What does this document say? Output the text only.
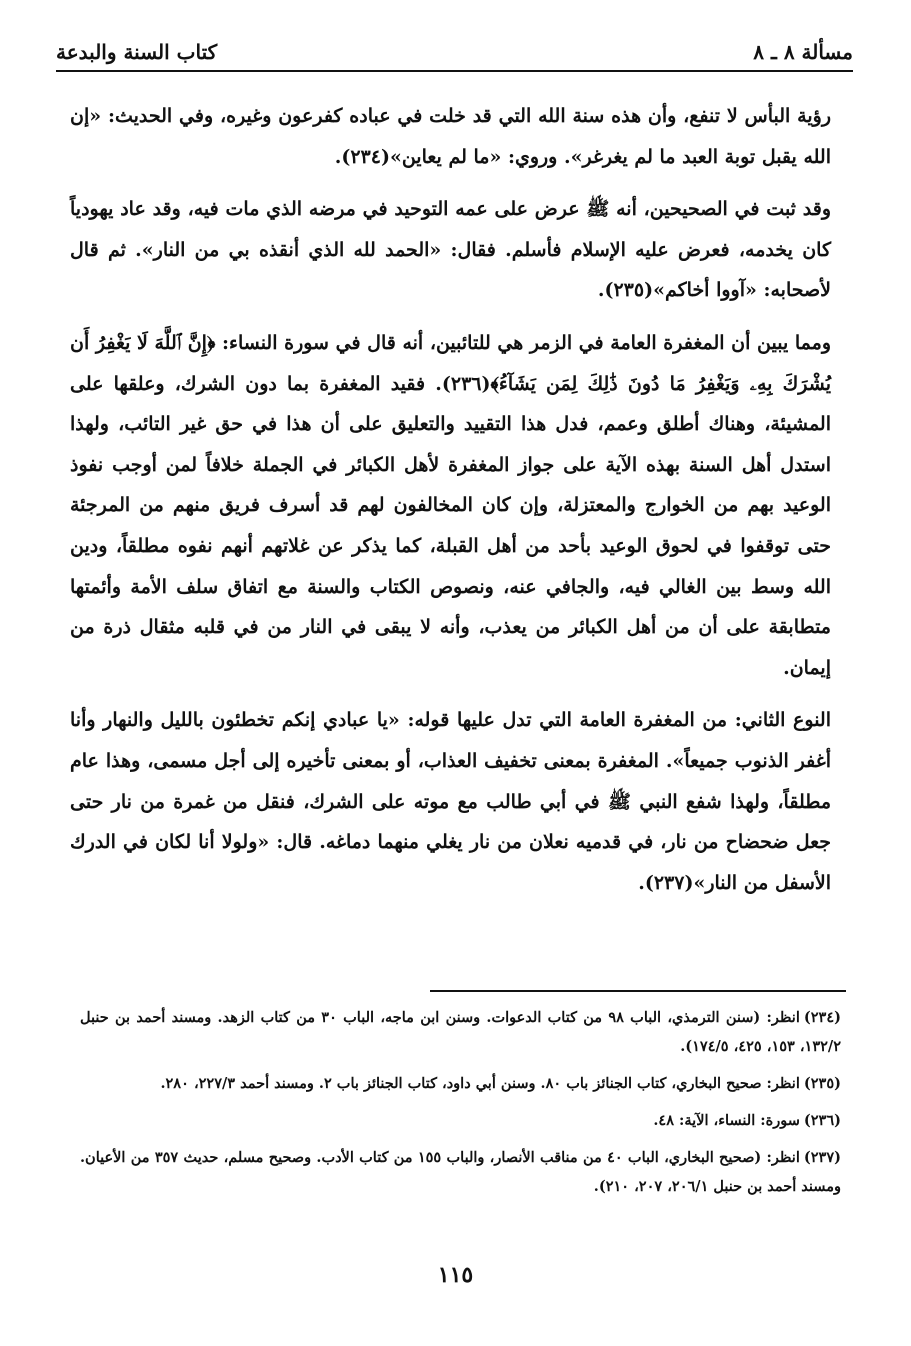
مسألة ٨ ـ ٨
كتاب السنة والبدعة

رؤية البأس لا تنفع، وأن هذه سنة الله التي قد خلت في عباده كفرعون وغيره، وفي الحديث: «إن الله يقبل توبة العبد ما لم يغرغر». وروي: «ما لم يعاين»(٢٣٤).

وقد ثبت في الصحيحين، أنه ﷺ عرض على عمه التوحيد في مرضه الذي مات فيه، وقد عاد يهودياً كان يخدمه، فعرض عليه الإسلام فأسلم. فقال: «الحمد لله الذي أنقذه بي من النار». ثم قال لأصحابه: «آووا أخاكم»(٢٣٥).

ومما يبين أن المغفرة العامة في الزمر هي للتائبين، أنه قال في سورة النساء: ﴿إِنَّ ٱللَّهَ لَا يَغْفِرُ أَن يُشْرَكَ بِهِۦ وَيَغْفِرُ مَا دُونَ ذَٰلِكَ لِمَن يَشَآءُ﴾(٢٣٦). فقيد المغفرة بما دون الشرك، وعلقها على المشيئة، وهناك أطلق وعمم، فدل هذا التقييد والتعليق على أن هذا في حق غير التائب، ولهذا استدل أهل السنة بهذه الآية على جواز المغفرة لأهل الكبائر في الجملة خلافاً لمن أوجب نفوذ الوعيد بهم من الخوارج والمعتزلة، وإن كان المخالفون لهم قد أسرف فريق منهم من المرجئة حتى توقفوا في لحوق الوعيد بأحد من أهل القبلة، كما يذكر عن غلاتهم أنهم نفوه مطلقاً، ودين الله وسط بين الغالي فيه، والجافي عنه، ونصوص الكتاب والسنة مع اتفاق سلف الأمة وأئمتها متطابقة على أن من أهل الكبائر من يعذب، وأنه لا يبقى في النار من في قلبه مثقال ذرة من إيمان.

النوع الثاني: من المغفرة العامة التي تدل عليها قوله: «يا عبادي إنكم تخطئون بالليل والنهار وأنا أغفر الذنوب جميعاً». المغفرة بمعنى تخفيف العذاب، أو بمعنى تأخيره إلى أجل مسمى، وهذا عام مطلقاً، ولهذا شفع النبي ﷺ في أبي طالب مع موته على الشرك، فنقل من غمرة من نار حتى جعل ضحضاح من نار، في قدميه نعلان من نار يغلي منهما دماغه. قال: «ولولا أنا لكان في الدرك الأسفل من النار»(٢٣٧).

(٢٣٤)انظر: (سنن الترمذي، الباب ٩٨ من كتاب الدعوات. وسنن ابن ماجه، الباب ٣٠ من كتاب الزهد. ومسند أحمد بن حنبل ١٣٢/٢، ١٥٣، ٤٢٥، ١٧٤/٥).

(٢٣٥)انظر: صحيح البخاري، كتاب الجنائز باب ٨٠. وسنن أبي داود، كتاب الجنائز باب ٢. ومسند أحمد ٢٢٧/٣، ٢٨٠.

(٢٣٦)سورة: النساء، الآية: ٤٨.

(٢٣٧)انظر: (صحيح البخاري، الباب ٤٠ من مناقب الأنصار، والباب ١٥٥ من كتاب الأدب. وصحيح مسلم، حديث ٣٥٧ من الأعيان. ومسند أحمد بن حنبل ٢٠٦/١، ٢٠٧، ٢١٠).

١١٥
